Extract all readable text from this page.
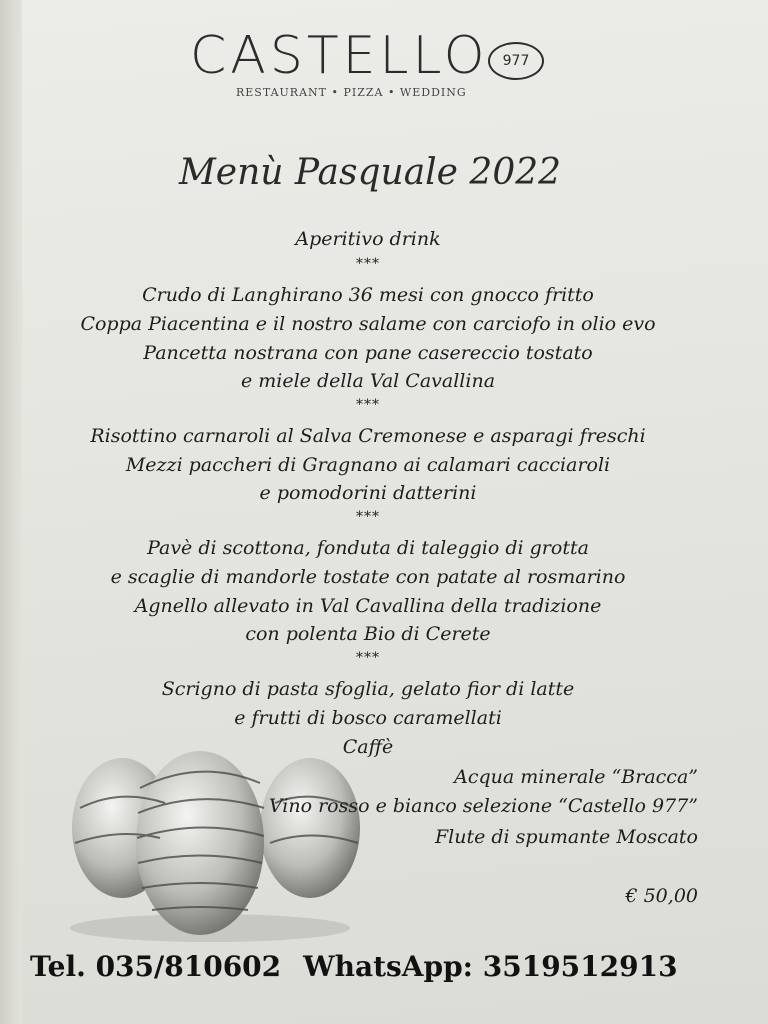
CASTELLO	977
RESTAURANT • PIZZA • WEDDING
Menù Pasquale 2022
Aperitivo drink
***
Crudo di Langhirano 36 mesi con gnocco fritto
Coppa Piacentina e il nostro salame con carciofo in olio evo
Pancetta nostrana con pane casereccio tostato
e miele della Val Cavallina
***
Risottino carnaroli al Salva Cremonese e asparagi freschi
Mezzi paccheri di Gragnano ai calamari cacciaroli
e pomodorini datterini
***
Pavè di scottona, fonduta di taleggio di grotta
e scaglie di mandorle tostate con patate al rosmarino
Agnello allevato in Val Cavallina della tradizione
con polenta Bio di Cerete
***
Scrigno di pasta sfoglia, gelato fior di latte
e frutti di bosco caramellati
Caffè
Acqua minerale “Bracca”
Vino rosso e bianco selezione “Castello 977”
Flute di spumante Moscato
€ 50,00
Tel. 035/810602 WhatsApp: 3519512913
